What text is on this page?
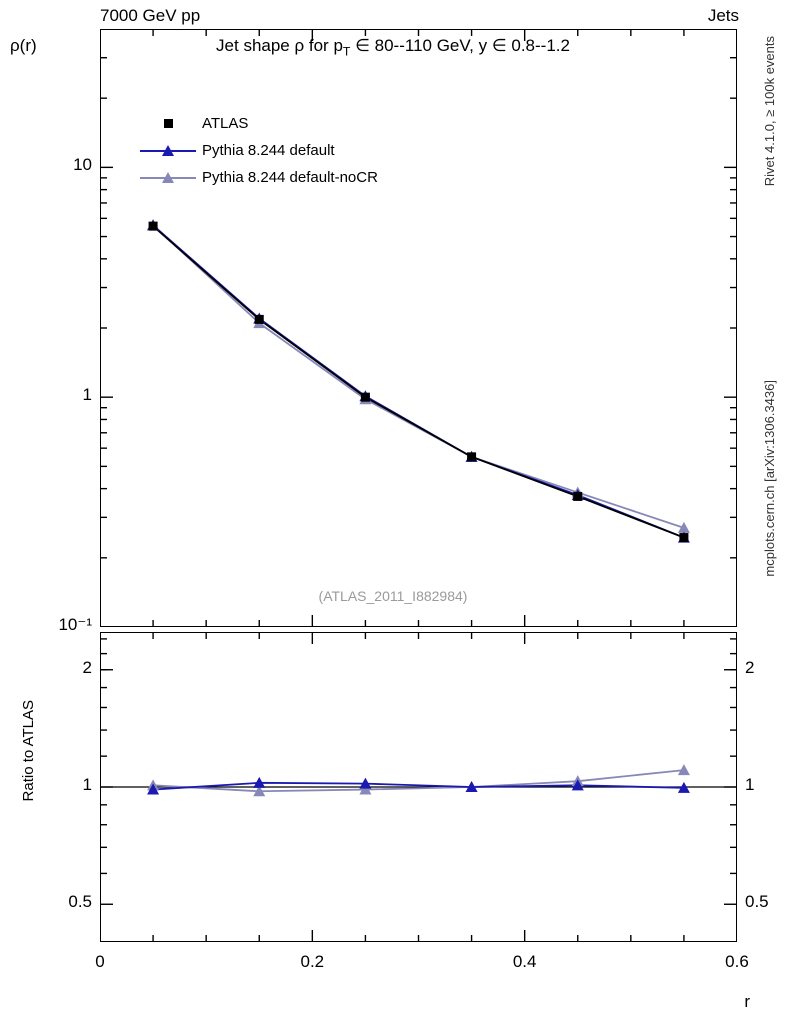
7000 GeV pp	Jets
Rivet 4.1.0, ≥ 100k events
mcplots.cern.ch [arXiv:1306.3436]
ρ(r)	Jet shape ρ for $p_T$ ∈ 80--110 GeV, y ∈ 0.8--1.2
ATLAS
Pythia 8.244 default
Pythia 8.244 default-noCR
(ATLAS_2011_I882984)
10⁻¹
1
10
Ratio to ATLAS
0.5
1
2
0.5
1
2
0	0.2	0.4	0.6
r
